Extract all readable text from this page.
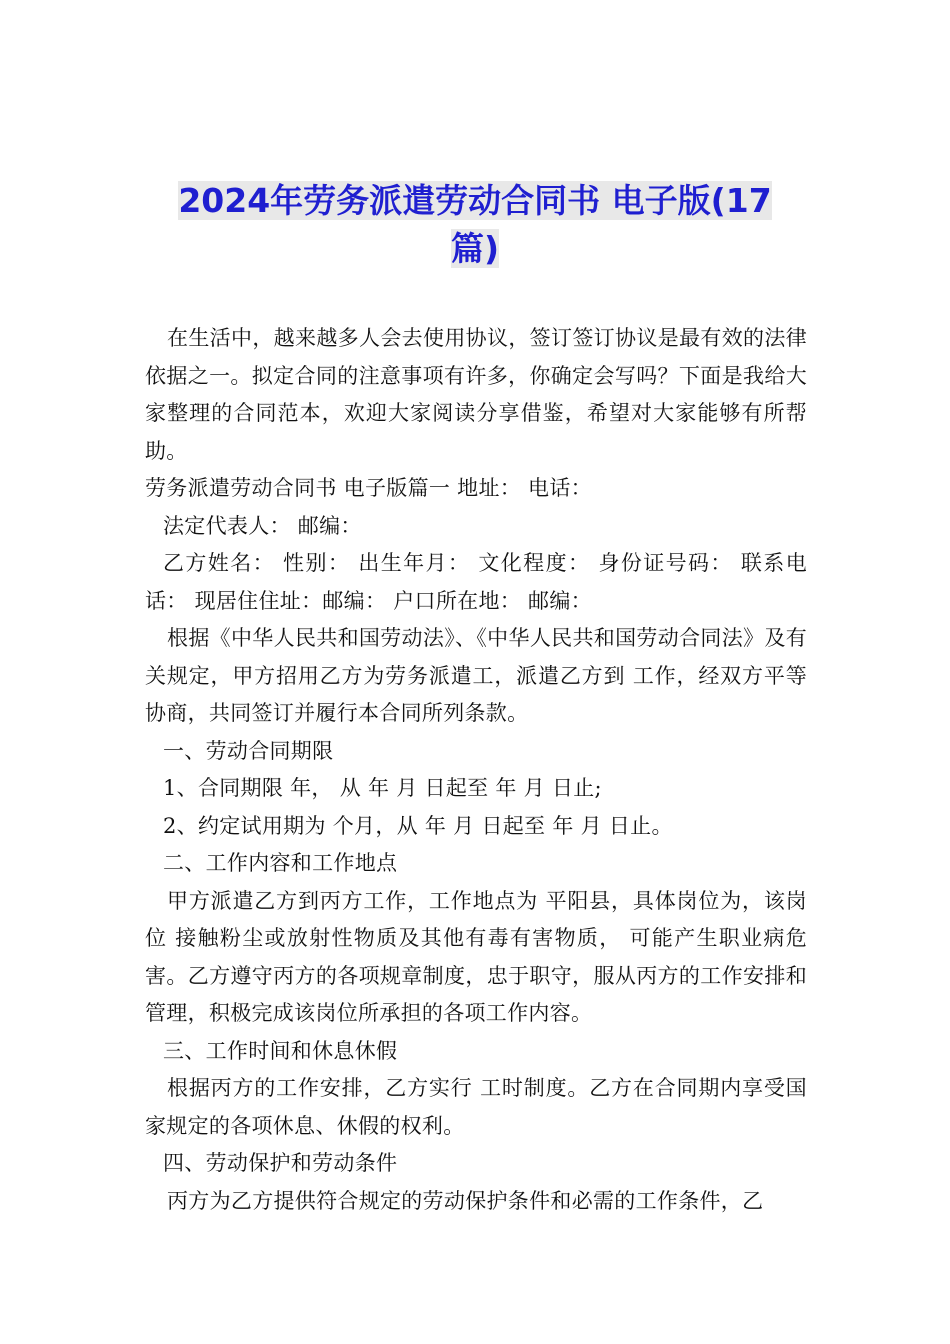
2024年劳务派遣劳动合同书 电子版(17
篇)

在生活中，越来越多人会去使用协议，签订签订协议是最有效的法律依据之一。拟定合同的注意事项有许多，你确定会写吗？下面是我给大家整理的合同范本，欢迎大家阅读分享借鉴，希望对大家能够有所帮助。

劳务派遣劳动合同书 电子版篇一 地址： 电话：

法定代表人： 邮编：

乙方姓名： 性别： 出生年月： 文化程度： 身份证号码： 联系电话： 现居住住址：邮编： 户口所在地： 邮编：

根据《中华人民共和国劳动法》、《中华人民共和国劳动合同法》及有关规定，甲方招用乙方为劳务派遣工，派遣乙方到 工作，经双方平等协商，共同签订并履行本合同所列条款。

一、劳动合同期限

1、合同期限 年， 从 年 月 日起至 年 月 日止;

2、约定试用期为 个月，从 年 月 日起至 年 月 日止。

二、工作内容和工作地点

甲方派遣乙方到丙方工作，工作地点为 平阳县，具体岗位为，该岗位 接触粉尘或放射性物质及其他有毒有害物质， 可能产生职业病危害。乙方遵守丙方的各项规章制度，忠于职守，服从丙方的工作安排和管理，积极完成该岗位所承担的各项工作内容。

三、工作时间和休息休假

根据丙方的工作安排，乙方实行 工时制度。乙方在合同期内享受国家规定的各项休息、休假的权利。

四、劳动保护和劳动条件

丙方为乙方提供符合规定的劳动保护条件和必需的工作条件，乙
